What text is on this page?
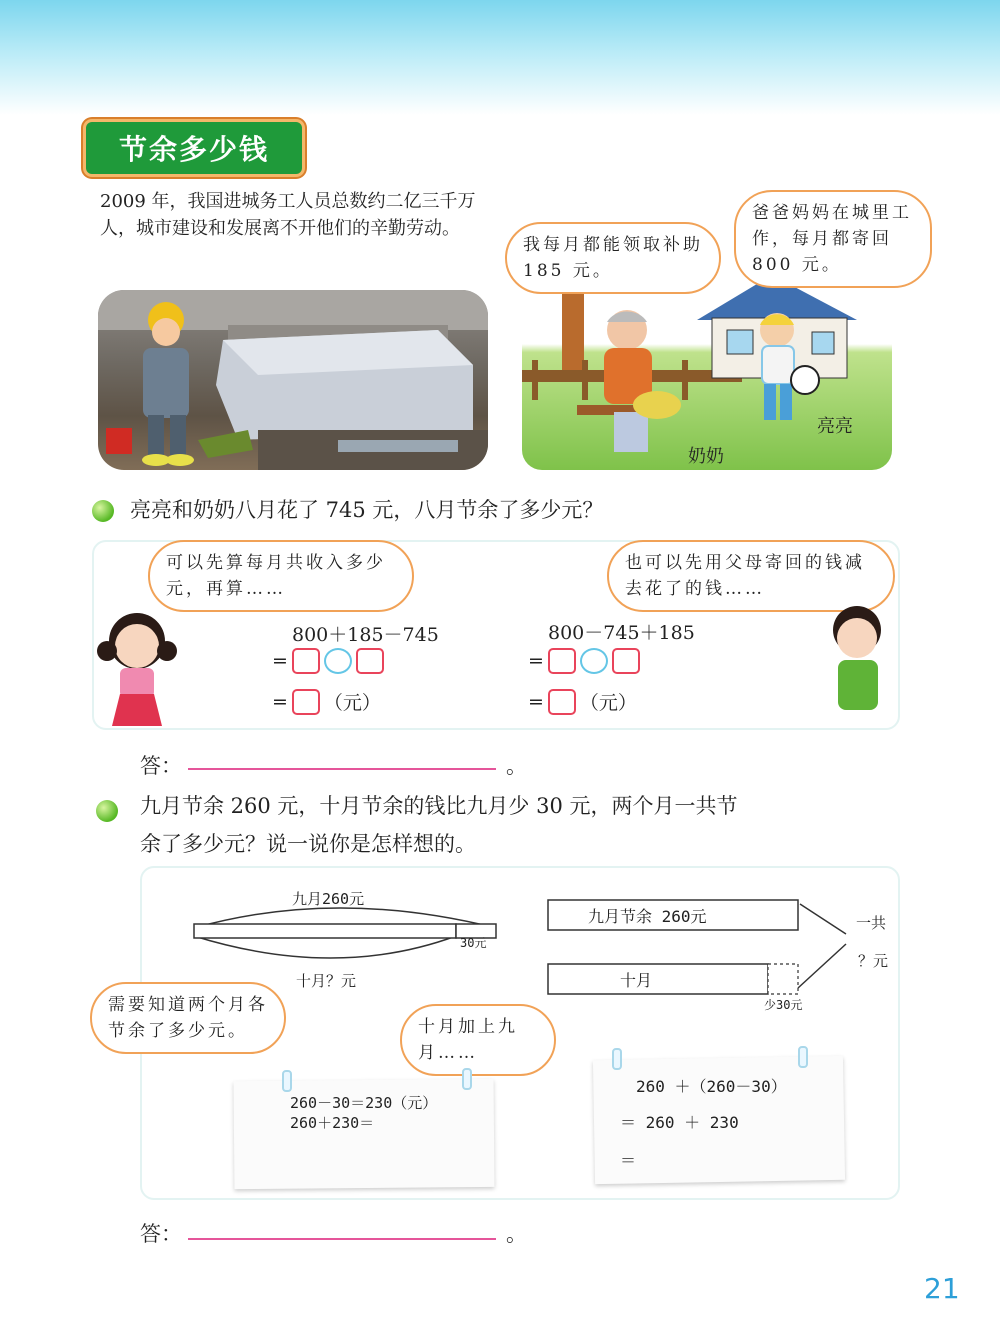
节余多少钱
2009 年，我国进城务工人员总数约二亿三千万人，城市建设和发展离不开他们的辛勤劳动。
亮亮
奶奶
我每月都能领取补助 185 元。
爸爸妈妈在城里工作，每月都寄回 800 元。
亮亮和奶奶八月花了 745 元，八月节余了多少元？
可以先算每月共收入多少元，再算……
也可以先用父母寄回的钱减去花了的钱……
800＋185－745
=
= （元）
800－745＋185
=
= （元）
答：	。
九月节余 260 元，十月节余的钱比九月少 30 元，两个月一共节
余了多少元？说一说你是怎样想的。
九月260元
30元
十月？元
九月节余 260元
十月
少30元
一共
？元
需要知道两个月各节余了多少元。	十月加上九月……
260－30＝230（元）
260＋230＝
260 ＋（260－30）
＝ 260 ＋ 230
＝
答：	。
21
